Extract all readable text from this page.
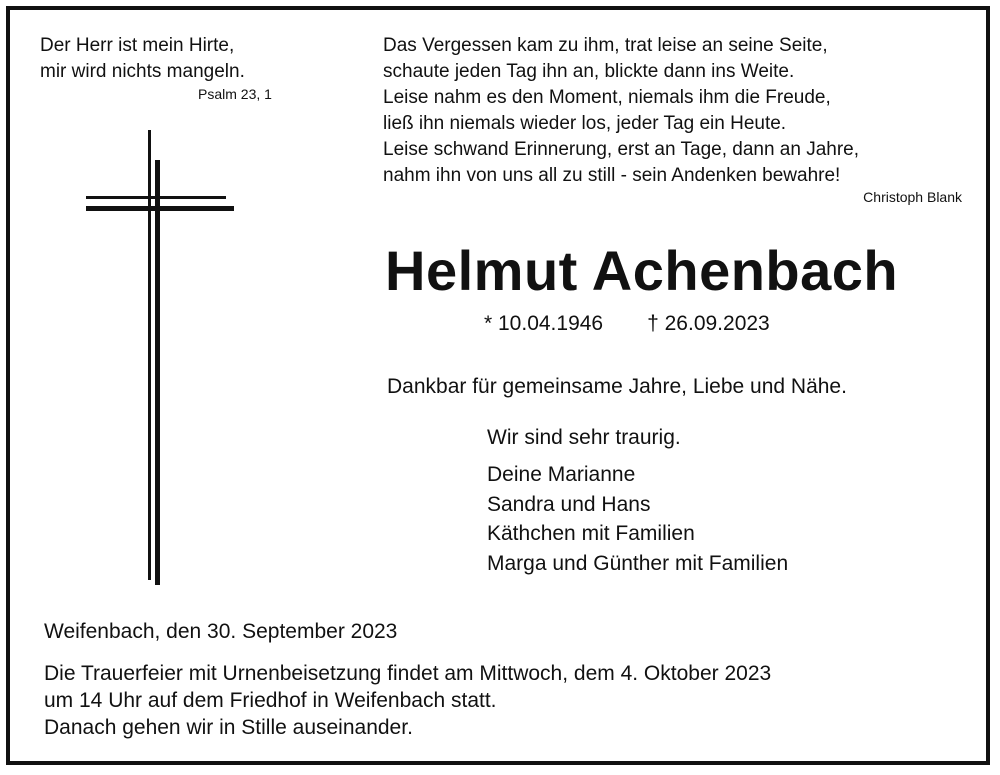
Der Herr ist mein Hirte,
mir wird nichts mangeln.
Psalm 23, 1
Das Vergessen kam zu ihm, trat leise an seine Seite,
schaute jeden Tag ihn an, blickte dann ins Weite.
Leise nahm es den Moment, niemals ihm die Freude,
ließ ihn niemals wieder los, jeder Tag ein Heute.
Leise schwand Erinnerung, erst an Tage, dann an Jahre,
nahm ihn von uns all zu still - sein Andenken bewahre!
Christoph Blank
Helmut Achenbach
* 10.04.1946 † 26.09.2023
Dankbar für gemeinsame Jahre, Liebe und Nähe.
Wir sind sehr traurig.
Deine Marianne
Sandra und Hans
Käthchen mit Familien
Marga und Günther mit Familien
Weifenbach, den 30. September 2023
Die Trauerfeier mit Urnenbeisetzung findet am Mittwoch, dem 4. Oktober 2023
um 14 Uhr auf dem Friedhof in Weifenbach statt.
Danach gehen wir in Stille auseinander.
